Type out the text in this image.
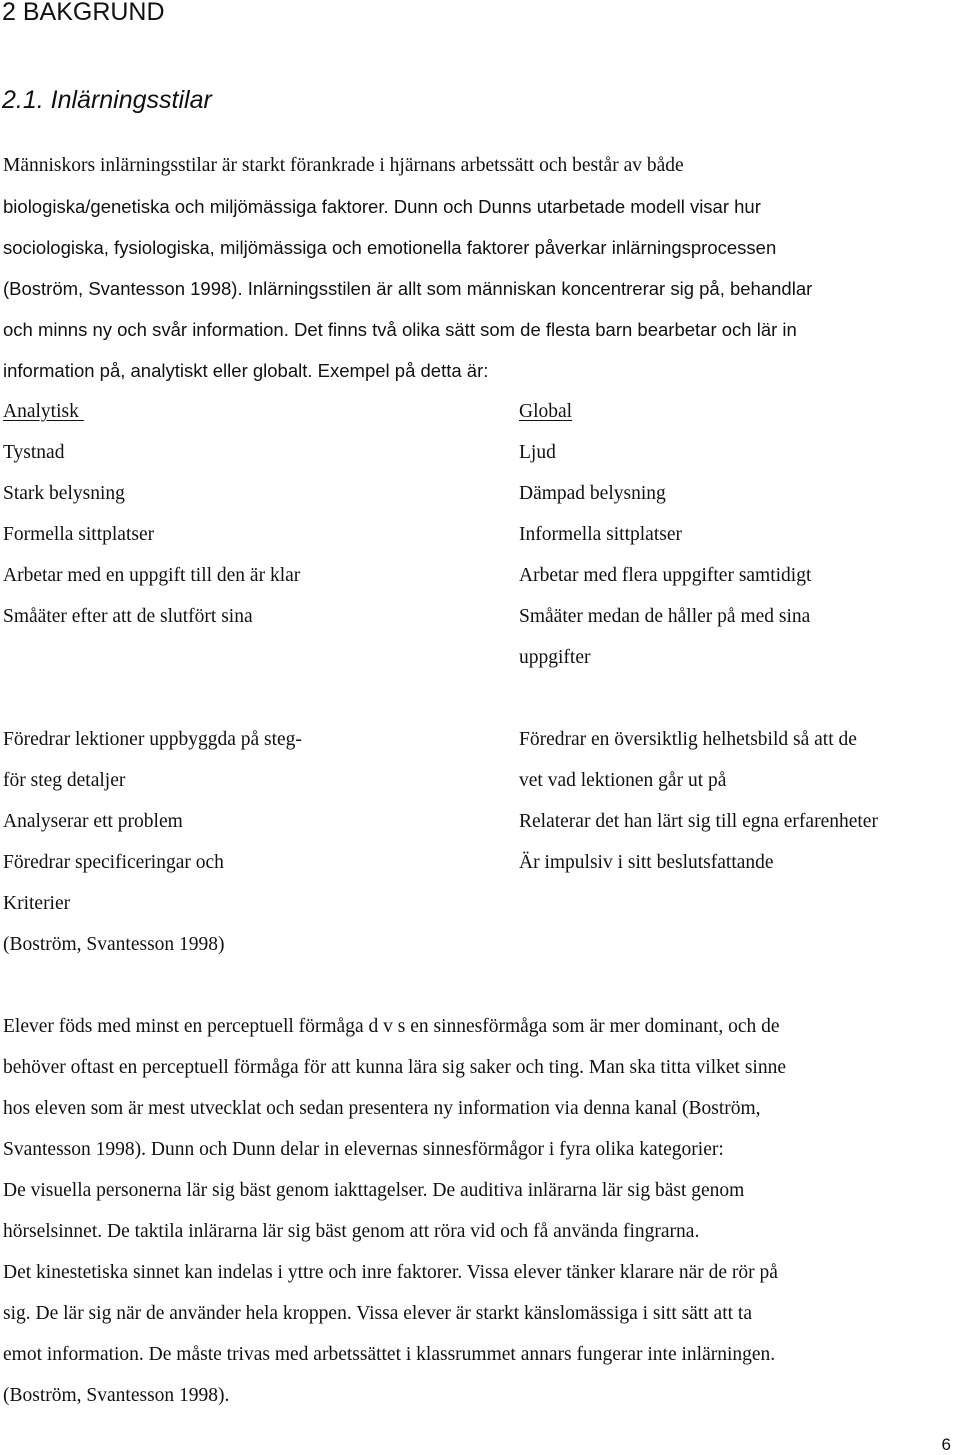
2 BAKGRUND
2.1. Inlärningsstilar
Människors inlärningsstilar är starkt förankrade i hjärnans arbetssätt och består av både
biologiska/genetiska och miljömässiga faktorer. Dunn och Dunns utarbetade modell visar hur
sociologiska, fysiologiska, miljömässiga och emotionella faktorer påverkar inlärningsprocessen
(Boström, Svantesson 1998). Inlärningsstilen är allt som människan koncentrerar sig på, behandlar
och minns ny och svår information. Det finns två olika sätt som de flesta barn bearbetar och lär in
information på, analytiskt eller globalt. Exempel på detta är:
Analytisk	Global
Tystnad
Stark belysning
Formella sittplatser
Arbetar med en uppgift till den är klar
Småäter efter att de slutfört sina
Ljud
Dämpad belysning
Informella sittplatser
Arbetar med flera uppgifter samtidigt
Småäter medan de håller på med sina
uppgifter
Föredrar lektioner uppbyggda på steg-
för steg detaljer
Analyserar ett problem
Föredrar specificeringar och
Kriterier
(Boström, Svantesson 1998)
Föredrar en översiktlig helhetsbild så att de
vet vad lektionen går ut på
Relaterar det han lärt sig till egna erfarenheter
Är impulsiv i sitt beslutsfattande
Elever föds med minst en perceptuell förmåga d v s en sinnesförmåga som är mer dominant, och de
behöver oftast en perceptuell förmåga för att kunna lära sig saker och ting. Man ska titta vilket sinne
hos eleven som är mest utvecklat och sedan presentera ny information via denna kanal (Boström,
Svantesson 1998). Dunn och Dunn delar in elevernas sinnesförmågor i fyra olika kategorier:
De visuella personerna lär sig bäst genom iakttagelser. De auditiva inlärarna lär sig bäst genom
hörselsinnet. De taktila inlärarna lär sig bäst genom att röra vid och få använda fingrarna.
Det kinestetiska sinnet kan indelas i yttre och inre faktorer. Vissa elever tänker klarare när de rör på
sig. De lär sig när de använder hela kroppen. Vissa elever är starkt känslomässiga i sitt sätt att ta
emot information. De måste trivas med arbetssättet i klassrummet annars fungerar inte inlärningen.
(Boström, Svantesson 1998).
6
